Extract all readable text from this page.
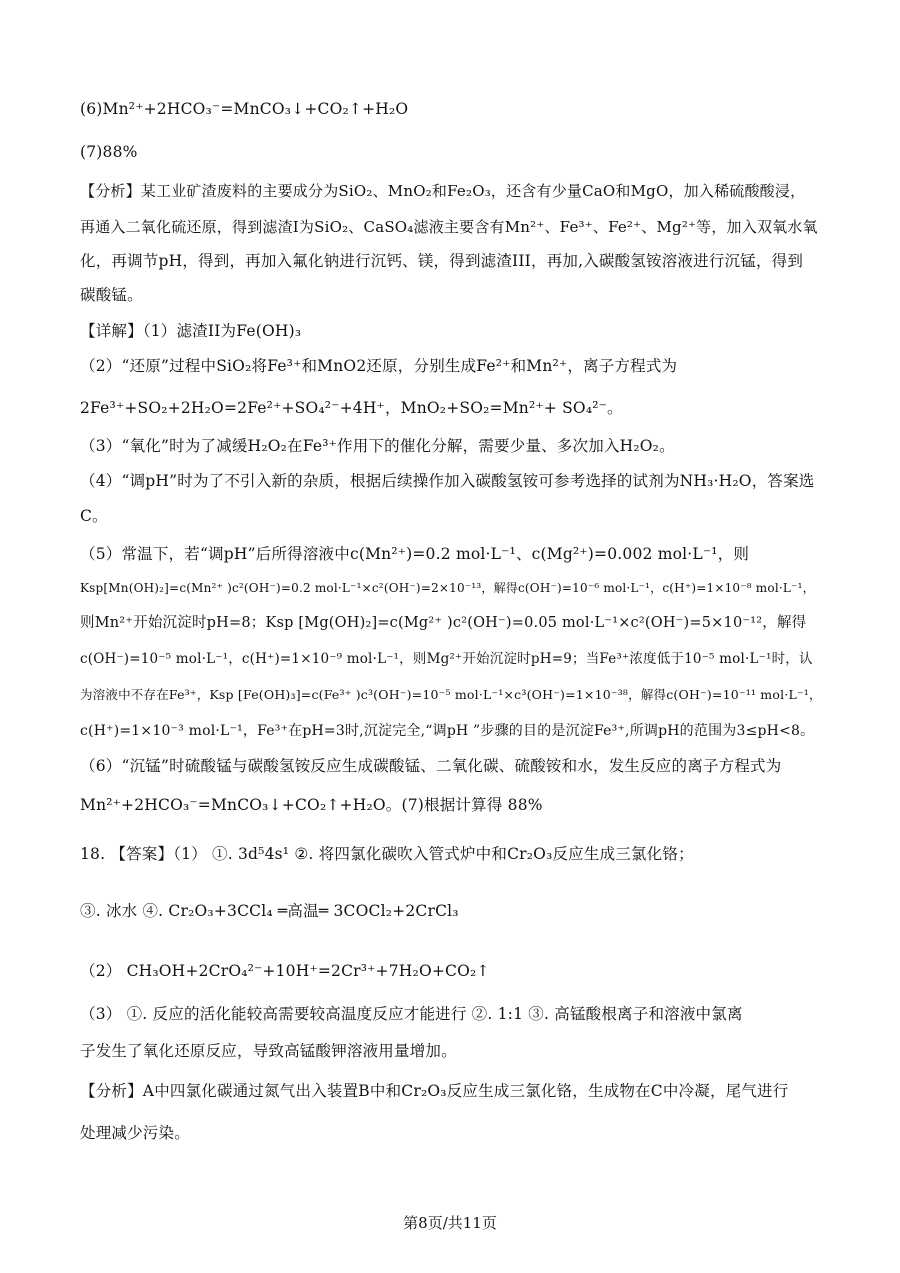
(6)Mn²⁺+2HCO₃⁻=MnCO₃↓+CO₂↑+H₂O
(7)88%
【分析】某工业矿渣废料的主要成分为SiO₂、MnO₂和Fe₂O₃，还含有少量CaO和MgO，加入稀硫酸酸浸，
再通入二氧化硫还原，得到滤渣I为SiO₂、CaSO₄滤液主要含有Mn²⁺、Fe³⁺、Fe²⁺、Mg²⁺等，加入双氧水氧
化，再调节pH，得到，再加入氟化钠进行沉钙、镁，得到滤渣III，再加,入碳酸氢铵溶液进行沉锰，得到
碳酸锰。
【详解】（1）滤渣II为Fe(OH)₃
（2）“还原”过程中SiO₂将Fe³⁺和MnO2还原，分别生成Fe²⁺和Mn²⁺，离子方程式为
2Fe³⁺+SO₂+2H₂O=2Fe²⁺+SO₄²⁻+4H⁺，MnO₂+SO₂=Mn²⁺+ SO₄²⁻。
（3）“氧化”时为了减缓H₂O₂在Fe³⁺作用下的催化分解，需要少量、多次加入H₂O₂。
（4）“调pH”时为了不引入新的杂质，根据后续操作加入碳酸氢铵可参考选择的试剂为NH₃·H₂O，答案选
C。
（5）常温下，若“调pH”后所得溶液中c(Mn²⁺)=0.2 mol·L⁻¹、c(Mg²⁺)=0.002 mol·L⁻¹，则
Ksp[Mn(OH)₂]=c(Mn²⁺ )c²(OH⁻)=0.2 mol·L⁻¹×c²(OH⁻)=2×10⁻¹³，解得c(OH⁻)=10⁻⁶ mol·L⁻¹，c(H⁺)=1×10⁻⁸ mol·L⁻¹，
则Mn²⁺开始沉淀时pH=8；Ksp [Mg(OH)₂]=c(Mg²⁺ )c²(OH⁻)=0.05 mol·L⁻¹×c²(OH⁻)=5×10⁻¹²，解得
c(OH⁻)=10⁻⁵ mol·L⁻¹，c(H⁺)=1×10⁻⁹ mol·L⁻¹，则Mg²⁺开始沉淀时pH=9；当Fe³⁺浓度低于10⁻⁵ mol·L⁻¹时，认
为溶液中不存在Fe³⁺，Ksp [Fe(OH)₃]=c(Fe³⁺ )c³(OH⁻)=10⁻⁵ mol·L⁻¹×c³(OH⁻)=1×10⁻³⁸，解得c(OH⁻)=10⁻¹¹ mol·L⁻¹，
c(H⁺)=1×10⁻³ mol·L⁻¹，Fe³⁺在pH=3时,沉淀完全,“调pH ”步骤的目的是沉淀Fe³⁺,所调pH的范围为3≤pH<8。
（6）“沉锰”时硫酸锰与碳酸氢铵反应生成碳酸锰、二氧化碳、硫酸铵和水，发生反应的离子方程式为
Mn²⁺+2HCO₃⁻=MnCO₃↓+CO₂↑+H₂O。(7)根据计算得 88%
18. 【答案】（1） ①. 3d⁵4s¹ ②. 将四氯化碳吹入管式炉中和Cr₂O₃反应生成三氯化铬；
③. 冰水 ④. Cr₂O₃+3CCl₄ ═高温═ 3COCl₂+2CrCl₃
（2） CH₃OH+2CrO₄²⁻+10H⁺=2Cr³⁺+7H₂O+CO₂↑
（3） ①. 反应的活化能较高需要较高温度反应才能进行 ②. 1:1 ③. 高锰酸根离子和溶液中氯离
子发生了氧化还原反应，导致高锰酸钾溶液用量增加。
【分析】A中四氯化碳通过氮气出入装置B中和Cr₂O₃反应生成三氯化铬，生成物在C中冷凝，尾气进行
处理减少污染。
第8页/共11页
